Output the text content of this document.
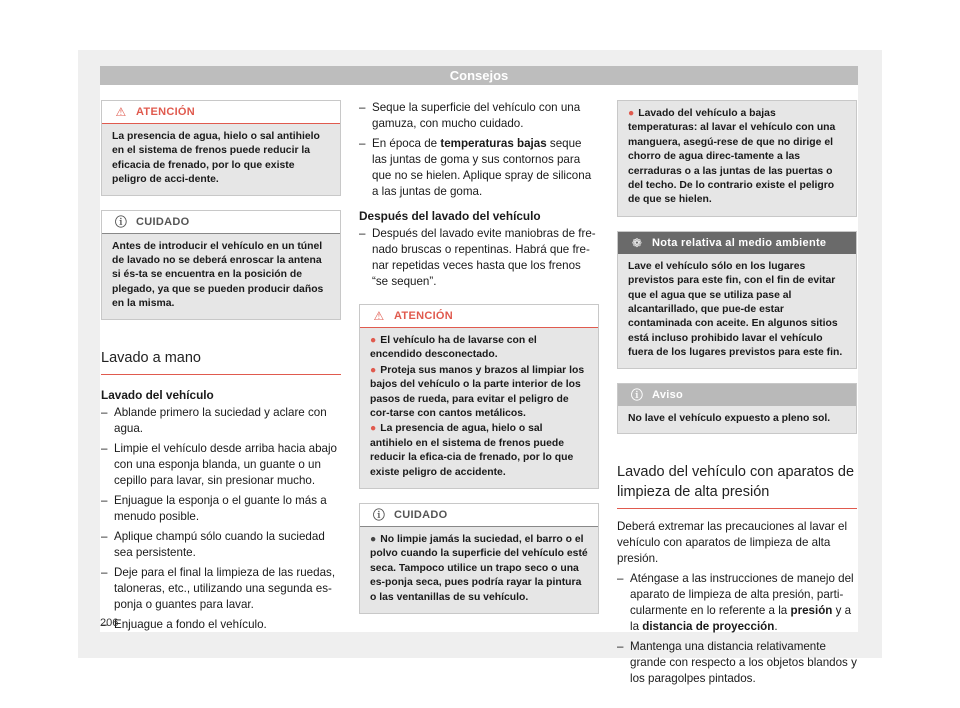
Consejos
⚠ ATENCIÓN
La presencia de agua, hielo o sal antihielo en el sistema de frenos puede reducir la eficacia de frenado, por lo que existe peligro de acci-dente.
ⓘ CUIDADO
Antes de introducir el vehículo en un túnel de lavado no se deberá enroscar la antena si és-ta se encuentra en la posición de plegado, ya que se pueden producir daños en la misma.
Lavado a mano
Lavado del vehículo
– Ablande primero la suciedad y aclare con agua.
– Limpie el vehículo desde arriba hacia abajo con una esponja blanda, un guante o un cepillo para lavar, sin presionar mucho.
– Enjuague la esponja o el guante lo más a menudo posible.
– Aplique champú sólo cuando la suciedad sea persistente.
– Deje para el final la limpieza de las ruedas, taloneras, etc., utilizando una segunda es-ponja o guantes para lavar.
– Enjuague a fondo el vehículo.
– Seque la superficie del vehículo con una gamuza, con mucho cuidado.
– En época de temperaturas bajas seque las juntas de goma y sus contornos para que no se hielen. Aplique spray de silicona a las juntas de goma.
Después del lavado del vehículo
– Después del lavado evite maniobras de fre-nado bruscas o repentinas. Habrá que fre-nar repetidas veces hasta que los frenos “se sequen”.
⚠ ATENCIÓN
● El vehículo ha de lavarse con el encendido desconectado.
● Proteja sus manos y brazos al limpiar los bajos del vehículo o la parte interior de los pasos de rueda, para evitar el peligro de cor-tarse con cantos metálicos.
● La presencia de agua, hielo o sal antihielo en el sistema de frenos puede reducir la efica-cia de frenado, por lo que existe peligro de accidente.
ⓘ CUIDADO
● No limpie jamás la suciedad, el barro o el polvo cuando la superficie del vehículo esté seca. Tampoco utilice un trapo seco o una es-ponja seca, pues podría rayar la pintura o las ventanillas de su vehículo.
● Lavado del vehículo a bajas temperaturas: al lavar el vehículo con una manguera, asegú-rese de que no dirige el chorro de agua direc-tamente a las cerraduras o a las juntas de las puertas o del techo. De lo contrario existe el peligro de que se hielen.
❁ Nota relativa al medio ambiente
Lave el vehículo sólo en los lugares previstos para este fin, con el fin de evitar que el agua que se utiliza pase al alcantarillado, que pue-de estar contaminada con aceite. En algunos sitios está incluso prohibido lavar el vehículo fuera de los lugares previstos para este fin.
ⓘ Aviso
No lave el vehículo expuesto a pleno sol.
Lavado del vehículo con aparatos de limpieza de alta presión
Deberá extremar las precauciones al lavar el vehículo con aparatos de limpieza de alta presión.
– Aténgase a las instrucciones de manejo del aparato de limpieza de alta presión, parti-cularmente en lo referente a la presión y a la distancia de proyección.
– Mantenga una distancia relativamente grande con respecto a los objetos blandos y los paragolpes pintados.
206
